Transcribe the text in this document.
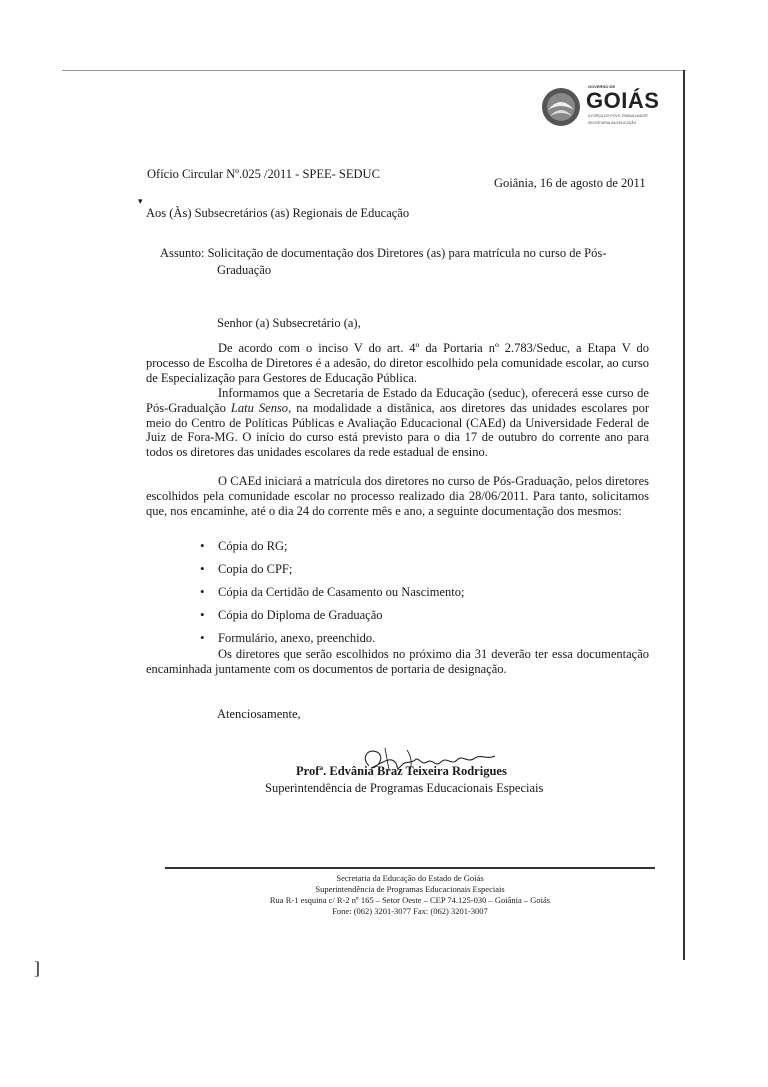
]
GOVERNO DE
GOIÁS
A FORÇA DO POVO TRABALHADOR
SECRETARIA DA EDUCAÇÃO
Ofício Circular Nº.025 /2011 - SPEE- SEDUC
Goiânia, 16 de agosto de 2011
▾
Aos (Às) Subsecretários (as) Regionais de Educação
Assunto: Solicitação de documentação dos Diretores (as) para matrícula no curso de Pós-
Graduação
Senhor (a) Subsecretário (a),
De acordo com o inciso V do art. 4º da Portaria nº 2.783/Seduc, a Etapa V do processo de Escolha de Diretores é a adesão, do diretor escolhido pela comunidade escolar, ao curso de Especialização para Gestores de Educação Pública.
Informamos que a Secretaria de Estado da Educação (seduc), oferecerá esse curso de Pós-Gradualção Latu Senso, na modalidade a distânica, aos diretores das unidades escolares por meio do Centro de Políticas Públicas e Avaliação Educacional (CAEd) da Universidade Federal de Juiz de Fora-MG. O início do curso está previsto para o dia 17 de outubro do corrente ano para todos os diretores das unidades escolares da rede estadual de ensino.
O CAEd iniciará a matrícula dos diretores no curso de Pós-Graduação, pelos diretores escolhidos pela comunidade escolar no processo realizado dia 28/06/2011. Para tanto, solicitamos que, nos encaminhe, até o dia 24 do corrente mês e ano, a seguinte documentação dos mesmos:
• Cópia do RG;
• Copia do CPF;
• Cópia da Certidão de Casamento ou Nascimento;
• Cópia do Diploma de Graduação
• Formulário, anexo, preenchido.
Os diretores que serão escolhidos no próximo dia 31 deverão ter essa documentação encaminhada juntamente com os documentos de portaria de designação.
Atenciosamente,
Profª. Edvânia Braz Teixeira Rodrigues
Superintendência de Programas Educacionais Especiais
Secretaria da Educação do Estado de Goiás
Superintendência de Programas Educacionais Especiais
Rua R-1 esquina c/ R-2 nº 165 – Setor Oeste – CEP 74.125-030 – Goiânia – Goiás
Fone: (062) 3201-3077 Fax: (062) 3201-3007
